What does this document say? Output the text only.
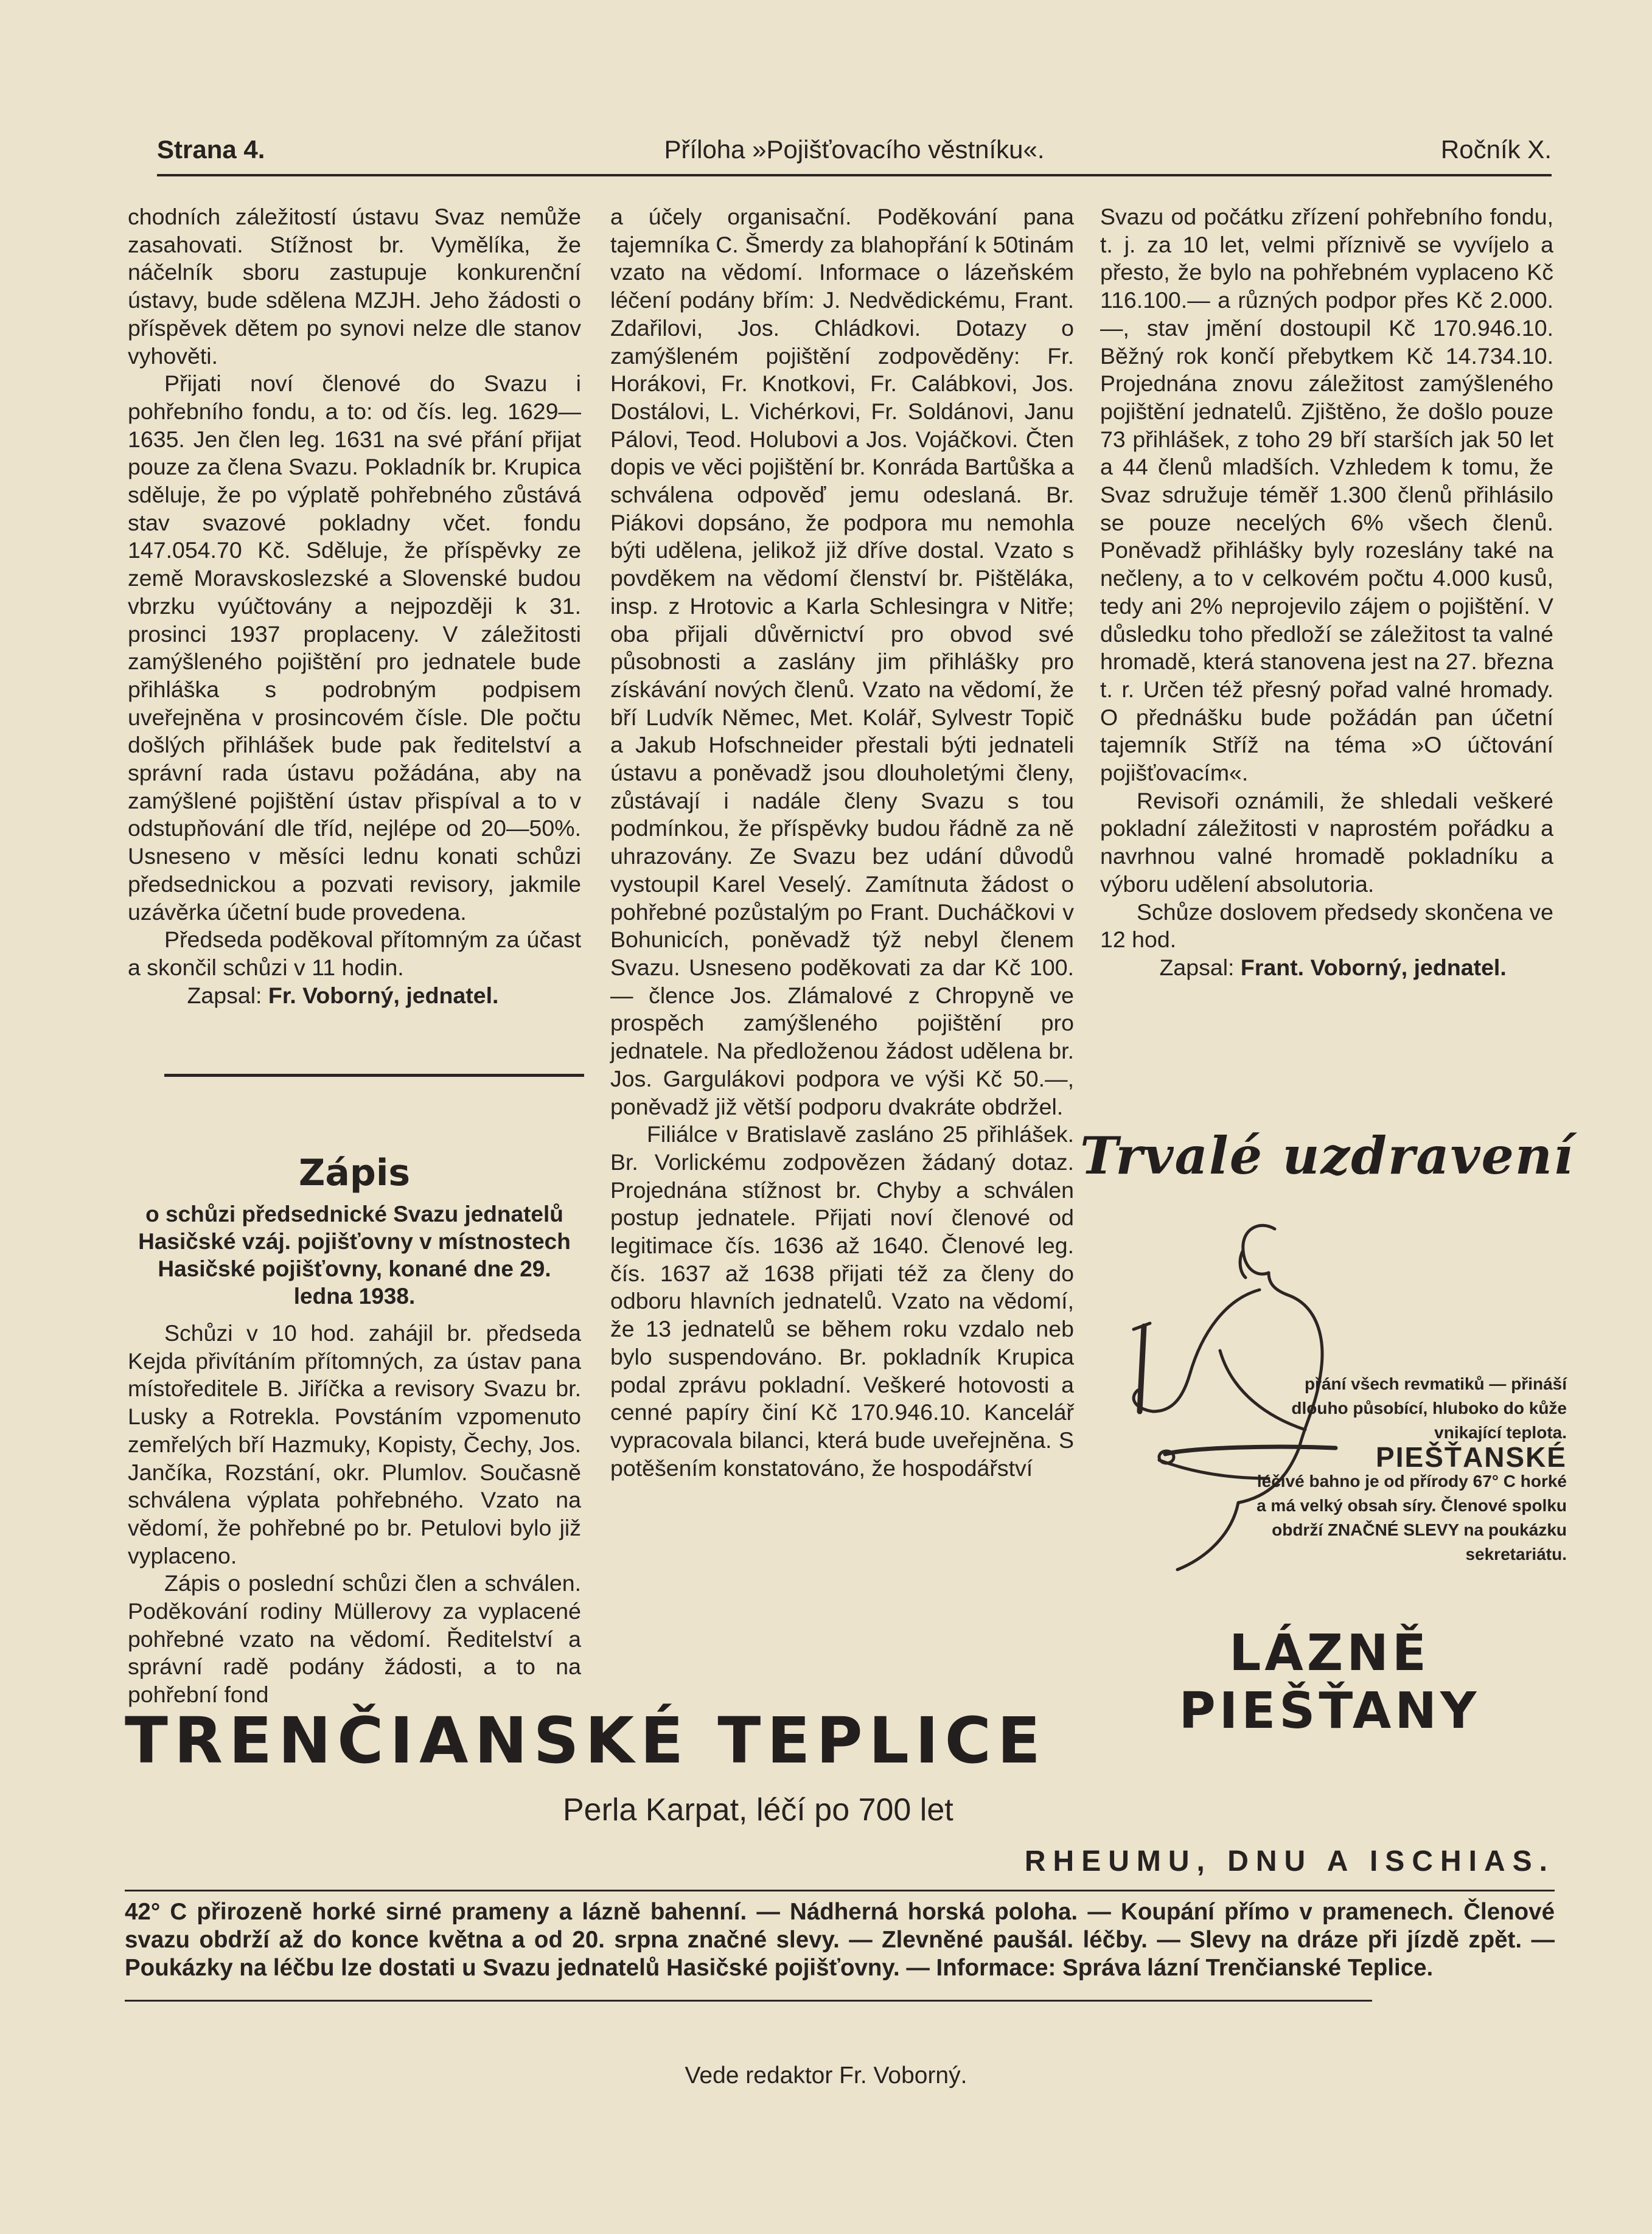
Strana 4.	Příloha »Pojišťovacího věstníku«.	Ročník X.

chodních záležitostí ústavu Svaz nemůže zasahovati. Stížnost br. Vymělíka, že náčelník sboru zastupuje konkurenční ústavy, bude sdělena MZJH. Jeho žádosti o příspěvek dětem po synovi nelze dle stanov vyhověti.

Přijati noví členové do Svazu i pohřebního fondu, a to: od čís. leg. 1629—1635. Jen člen leg. 1631 na své přání přijat pouze za člena Svazu. Pokladník br. Krupica sděluje, že po výplatě pohřebného zůstává stav svazové pokladny včet. fondu 147.054.70 Kč. Sděluje, že příspěvky ze země Moravskoslezské a Slovenské budou vbrzku vyúčtovány a nejpozději k 31. prosinci 1937 proplaceny. V záležitosti zamýšleného pojištění pro jednatele bude přihláška s podrobným podpisem uveřejněna v prosincovém čísle. Dle počtu došlých přihlášek bude pak ředitelství a správní rada ústavu požádána, aby na zamýšlené pojištění ústav přispíval a to v odstupňování dle tříd, nejlépe od 20—50%. Usneseno v měsíci lednu konati schůzi předsednickou a pozvati revisory, jakmile uzávěrka účetní bude provedena.

Předseda poděkoval přítomným za účast a skončil schůzi v 11 hodin.

Zapsal: Fr. Voborný, jednatel.

Zápis
o schůzi předsednické Svazu jednatelů Hasičské vzáj. pojišťovny v místnostech Hasičské pojišťovny, konané dne 29. ledna 1938.

Schůzi v 10 hod. zahájil br. předseda Kejda přivítáním přítomných, za ústav pana místoředitele B. Jiříčka a revisory Svazu br. Lusky a Rotrekla. Povstáním vzpomenuto zemřelých bří Hazmuky, Kopisty, Čechy, Jos. Jančíka, Rozstání, okr. Plumlov. Současně schválena výplata pohřebného. Vzato na vědomí, že pohřebné po br. Petulovi bylo již vyplaceno.

Zápis o poslední schůzi člen a schválen. Poděkování rodiny Müllerovy za vyplacené pohřebné vzato na vědomí. Ředitelství a správní radě podány žádosti, a to na pohřební fond

a účely organisační. Poděkování pana tajemníka C. Šmerdy za blahopřání k 50tinám vzato na vědomí. Informace o lázeňském léčení podány břím: J. Nedvědickému, Frant. Zdařilovi, Jos. Chládkovi. Dotazy o zamýšleném pojištění zodpověděny: Fr. Horákovi, Fr. Knotkovi, Fr. Calábkovi, Jos. Dostálovi, L. Vichérkovi, Fr. Soldánovi, Janu Pálovi, Teod. Holubovi a Jos. Vojáčkovi. Čten dopis ve věci pojištění br. Konráda Bartůška a schválena odpověď jemu odeslaná. Br. Piákovi dopsáno, že podpora mu nemohla býti udělena, jelikož již dříve dostal. Vzato s povděkem na vědomí členství br. Pištěláka, insp. z Hrotovic a Karla Schlesingra v Nitře; oba přijali důvěrnictví pro obvod své působnosti a zaslány jim přihlášky pro získávání nových členů. Vzato na vědomí, že bří Ludvík Němec, Met. Kolář, Sylvestr Topič a Jakub Hofschneider přestali býti jednateli ústavu a poněvadž jsou dlouholetými členy, zůstávají i nadále členy Svazu s tou podmínkou, že příspěvky budou řádně za ně uhrazovány. Ze Svazu bez udání důvodů vystoupil Karel Veselý. Zamítnuta žádost o pohřebné pozůstalým po Frant. Ducháčkovi v Bohunicích, poněvadž týž nebyl členem Svazu. Usneseno poděkovati za dar Kč 100.— člence Jos. Zlámalové z Chropyně ve prospěch zamýšleného pojištění pro jednatele. Na předloženou žádost udělena br. Jos. Gargulákovi podpora ve výši Kč 50.—, poněvadž již větší podporu dvakráte obdržel.

Filiálce v Bratislavě zasláno 25 přihlášek. Br. Vorlickému zodpovězen žádaný dotaz. Projednána stížnost br. Chyby a schválen postup jednatele. Přijati noví členové od legitimace čís. 1636 až 1640. Členové leg. čís. 1637 až 1638 přijati též za členy do odboru hlavních jednatelů. Vzato na vědomí, že 13 jednatelů se během roku vzdalo neb bylo suspendováno. Br. pokladník Krupica podal zprávu pokladní. Veškeré hotovosti a cenné papíry činí Kč 170.946.10. Kancelář vypracovala bilanci, která bude uveřejněna. S potěšením konstatováno, že hospodářství

Svazu od počátku zřízení pohřebního fondu, t. j. za 10 let, velmi příznivě se vyvíjelo a přesto, že bylo na pohřebném vyplaceno Kč 116.100.— a různých podpor přes Kč 2.000.—, stav jmění dostoupil Kč 170.946.10. Běžný rok končí přebytkem Kč 14.734.10. Projednána znovu záležitost zamýšleného pojištění jednatelů. Zjištěno, že došlo pouze 73 přihlášek, z toho 29 bří starších jak 50 let a 44 členů mladších. Vzhledem k tomu, že Svaz sdružuje téměř 1.300 členů přihlásilo se pouze necelých 6% všech členů. Poněvadž přihlášky byly rozeslány také na nečleny, a to v celkovém počtu 4.000 kusů, tedy ani 2% neprojevilo zájem o pojištění. V důsledku toho předloží se záležitost ta valné hromadě, která stanovena jest na 27. března t. r. Určen též přesný pořad valné hromady. O přednášku bude požádán pan účetní tajemník Stříž na téma »O účtování pojišťovacím«.

Revisoři oznámili, že shledali veškeré pokladní záležitosti v naprostém pořádku a navrhnou valné hromadě pokladníku a výboru udělení absolutoria.

Schůze doslovem předsedy skončena ve 12 hod.

Zapsal: Frant. Voborný, jednatel.

Trvalé uzdravení
přání všech revmatiků — přináší dlouho působící, hluboko do kůže vnikající teplota.
PIEŠŤANSKÉ
léčivé bahno je od přírody 67° C horké a má velký obsah síry. Členové spolku obdrží ZNAČNÉ SLEVY na poukázku sekretariátu.
LÁZNĚ PIEŠŤANY
TRENČIANSKÉ TEPLICE
Perla Karpat, léčí po 700 let
RHEUMU, DNU A ISCHIAS.
42° C přirozeně horké sirné prameny a lázně bahenní. — Nádherná horská poloha. — Koupání přímo v pramenech. Členové svazu obdrží až do konce května a od 20. srpna značné slevy. — Zlevněné paušál. léčby. — Slevy na dráze při jízdě zpět. — Poukázky na léčbu lze dostati u Svazu jednatelů Hasičské pojišťovny. — Informace: Správa lázní Trenčianské Teplice.
Vede redaktor Fr. Voborný.
